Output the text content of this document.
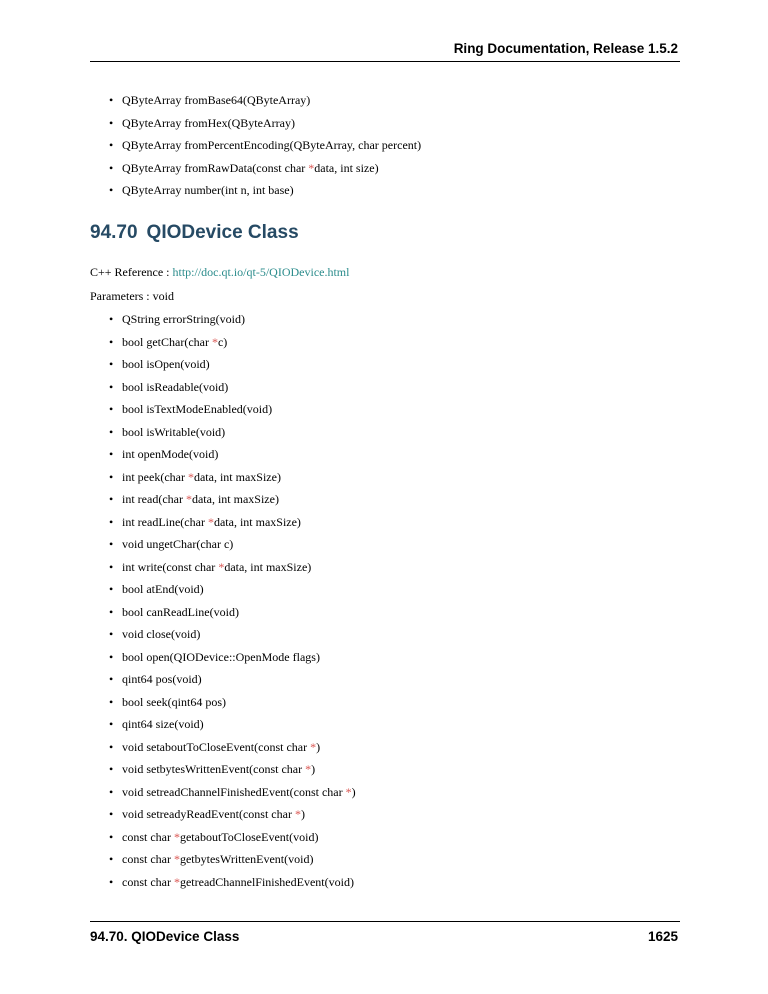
Ring Documentation, Release 1.5.2
• QByteArray fromBase64(QByteArray)
• QByteArray fromHex(QByteArray)
• QByteArray fromPercentEncoding(QByteArray, char percent)
• QByteArray fromRawData(const char *data, int size)
• QByteArray number(int n, int base)
94.70 QIODevice Class

C++ Reference : http://doc.qt.io/qt-5/QIODevice.html

Parameters : void

• QString errorString(void)
• bool getChar(char *c)
• bool isOpen(void)
• bool isReadable(void)
• bool isTextModeEnabled(void)
• bool isWritable(void)
• int openMode(void)
• int peek(char *data, int maxSize)
• int read(char *data, int maxSize)
• int readLine(char *data, int maxSize)
• void ungetChar(char c)
• int write(const char *data, int maxSize)
• bool atEnd(void)
• bool canReadLine(void)
• void close(void)
• bool open(QIODevice::OpenMode flags)
• qint64 pos(void)
• bool seek(qint64 pos)
• qint64 size(void)
• void setaboutToCloseEvent(const char *)
• void setbytesWrittenEvent(const char *)
• void setreadChannelFinishedEvent(const char *)
• void setreadyReadEvent(const char *)
• const char *getaboutToCloseEvent(void)
• const char *getbytesWrittenEvent(void)
• const char *getreadChannelFinishedEvent(void)
94.70. QIODevice Class	1625
